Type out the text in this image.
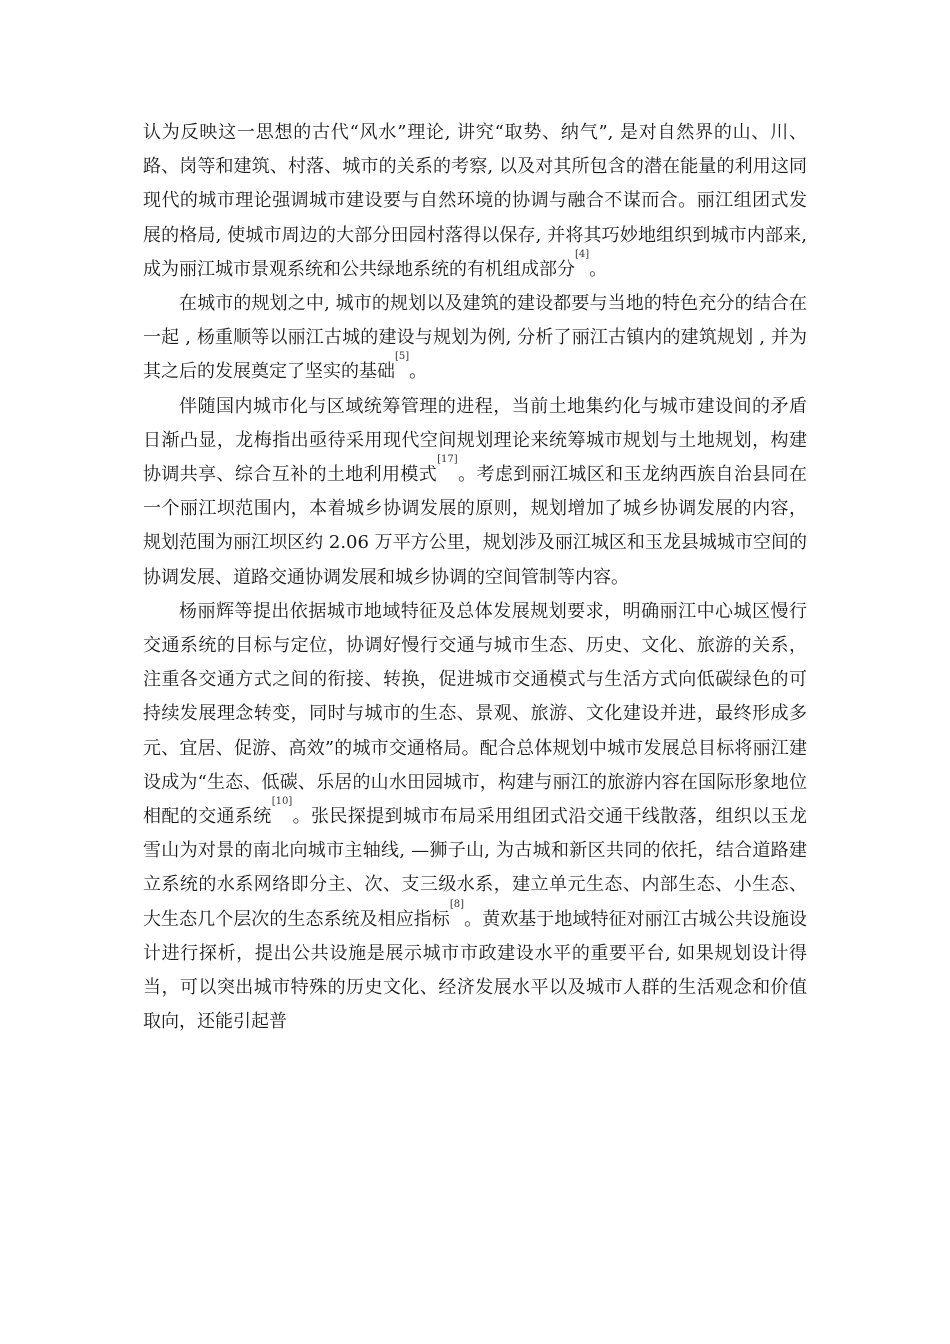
认为反映这一思想的古代“风水”理论, 讲究“取势、纳气”, 是对自然界的山、川、路、岗等和建筑、村落、城市的关系的考察, 以及对其所包含的潜在能量的利用这同现代的城市理论强调城市建设要与自然环境的协调与融合不谋而合。丽江组团式发展的格局, 使城市周边的大部分田园村落得以保存, 并将其巧妙地组织到城市内部来, 成为丽江城市景观系统和公共绿地系统的有机组成部分[4]。

在城市的规划之中, 城市的规划以及建筑的建设都要与当地的特色充分的结合在一起 , 杨重顺等以丽江古城的建设与规划为例, 分析了丽江古镇内的建筑规划 , 并为其之后的发展奠定了坚实的基础[5]。

伴随国内城市化与区域统筹管理的进程，当前土地集约化与城市建设间的矛盾日渐凸显，龙梅指出亟待采用现代空间规划理论来统筹城市规划与土地规划，构建协调共享、综合互补的土地利用模式[17]。考虑到丽江城区和玉龙纳西族自治县同在一个丽江坝范围内，本着城乡协调发展的原则，规划增加了城乡协调发展的内容，规划范围为丽江坝区约 2.06 万平方公里，规划涉及丽江城区和玉龙县城城市空间的协调发展、道路交通协调发展和城乡协调的空间管制等内容。

杨丽辉等提出依据城市地域特征及总体发展规划要求，明确丽江中心城区慢行交通系统的目标与定位，协调好慢行交通与城市生态、历史、文化、旅游的关系，注重各交通方式之间的衔接、转换，促进城市交通模式与生活方式向低碳绿色的可持续发展理念转变，同时与城市的生态、景观、旅游、文化建设并进，最终形成多元、宜居、促游、高效”的城市交通格局。配合总体规划中城市发展总目标将丽江建设成为“生态、低碳、乐居的山水田园城市，构建与丽江的旅游内容在国际形象地位相配的交通系统[10]。张民探提到城市布局采用组团式沿交通干线散落，组织以玉龙雪山为对景的南北向城市主轴线, —狮子山, 为古城和新区共同的依托，结合道路建立系统的水系网络即分主、次、支三级水系，建立单元生态、内部生态、小生态、大生态几个层次的生态系统及相应指标[8]。黄欢基于地域特征对丽江古城公共设施设计进行探析，提出公共设施是展示城市市政建设水平的重要平台, 如果规划设计得当，可以突出城市特殊的历史文化、经济发展水平以及城市人群的生活观念和价值取向，还能引起普
